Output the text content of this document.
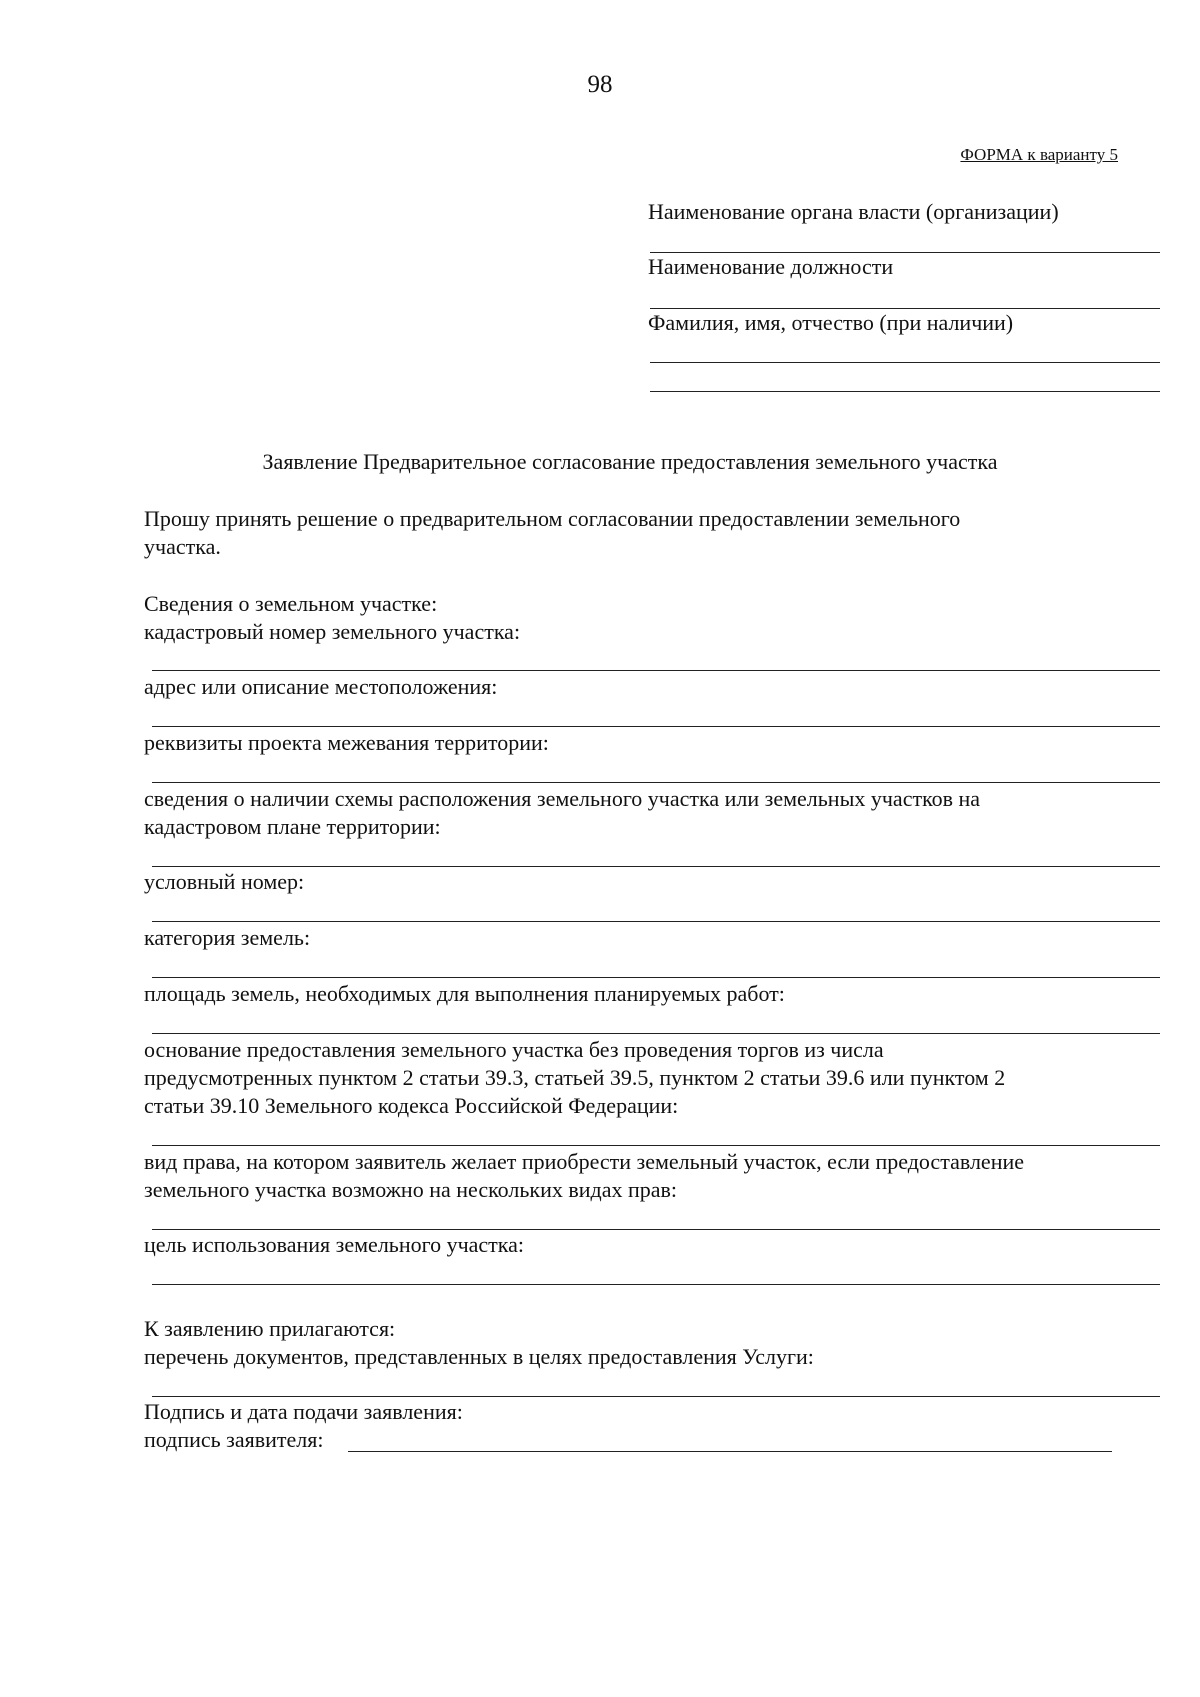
98

ФОРМА к варианту 5

Наименование органа власти (организации)

Наименование должности

Фамилия, имя, отчество (при наличии)

Заявление Предварительное согласование предоставления земельного участка

Прошу принять решение о предварительном согласовании предоставлении земельного

участка.

Сведения о земельном участке:

кадастровый номер земельного участка:

адрес или описание местоположения:

реквизиты проекта межевания территории:

сведения о наличии схемы расположения земельного участка или земельных участков на

кадастровом плане территории:

условный номер:

категория земель:

площадь земель, необходимых для выполнения планируемых работ:

основание предоставления земельного участка без проведения торгов из числа

предусмотренных пунктом 2 статьи 39.3, статьей 39.5, пунктом 2 статьи 39.6 или пунктом 2

статьи 39.10 Земельного кодекса Российской Федерации:

вид права, на котором заявитель желает приобрести земельный участок, если предоставление

земельного участка возможно на нескольких видах прав:

цель использования земельного участка:

К заявлению прилагаются:

перечень документов, представленных в целях предоставления Услуги:

Подпись и дата подачи заявления:

подпись заявителя:
